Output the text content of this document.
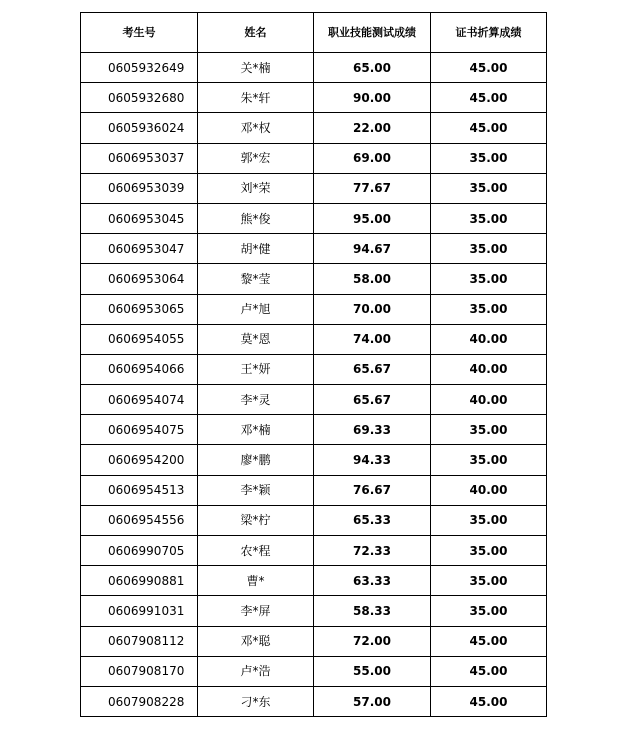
考生号	姓名	职业技能测试成绩	证书折算成绩
0605932649	关*楠	65.00	45.00
0605932680	朱*轩	90.00	45.00
0605936024	邓*权	22.00	45.00
0606953037	郭*宏	69.00	35.00
0606953039	刘*荣	77.67	35.00
0606953045	熊*俊	95.00	35.00
0606953047	胡*健	94.67	35.00
0606953064	黎*莹	58.00	35.00
0606953065	卢*旭	70.00	35.00
0606954055	莫*恩	74.00	40.00
0606954066	王*妍	65.67	40.00
0606954074	李*灵	65.67	40.00
0606954075	邓*楠	69.33	35.00
0606954200	廖*鹏	94.33	35.00
0606954513	李*颖	76.67	40.00
0606954556	梁*柠	65.33	35.00
0606990705	农*程	72.33	35.00
0606990881	曹*	63.33	35.00
0606991031	李*屏	58.33	35.00
0607908112	邓*聪	72.00	45.00
0607908170	卢*浩	55.00	45.00
0607908228	刁*东	57.00	45.00
